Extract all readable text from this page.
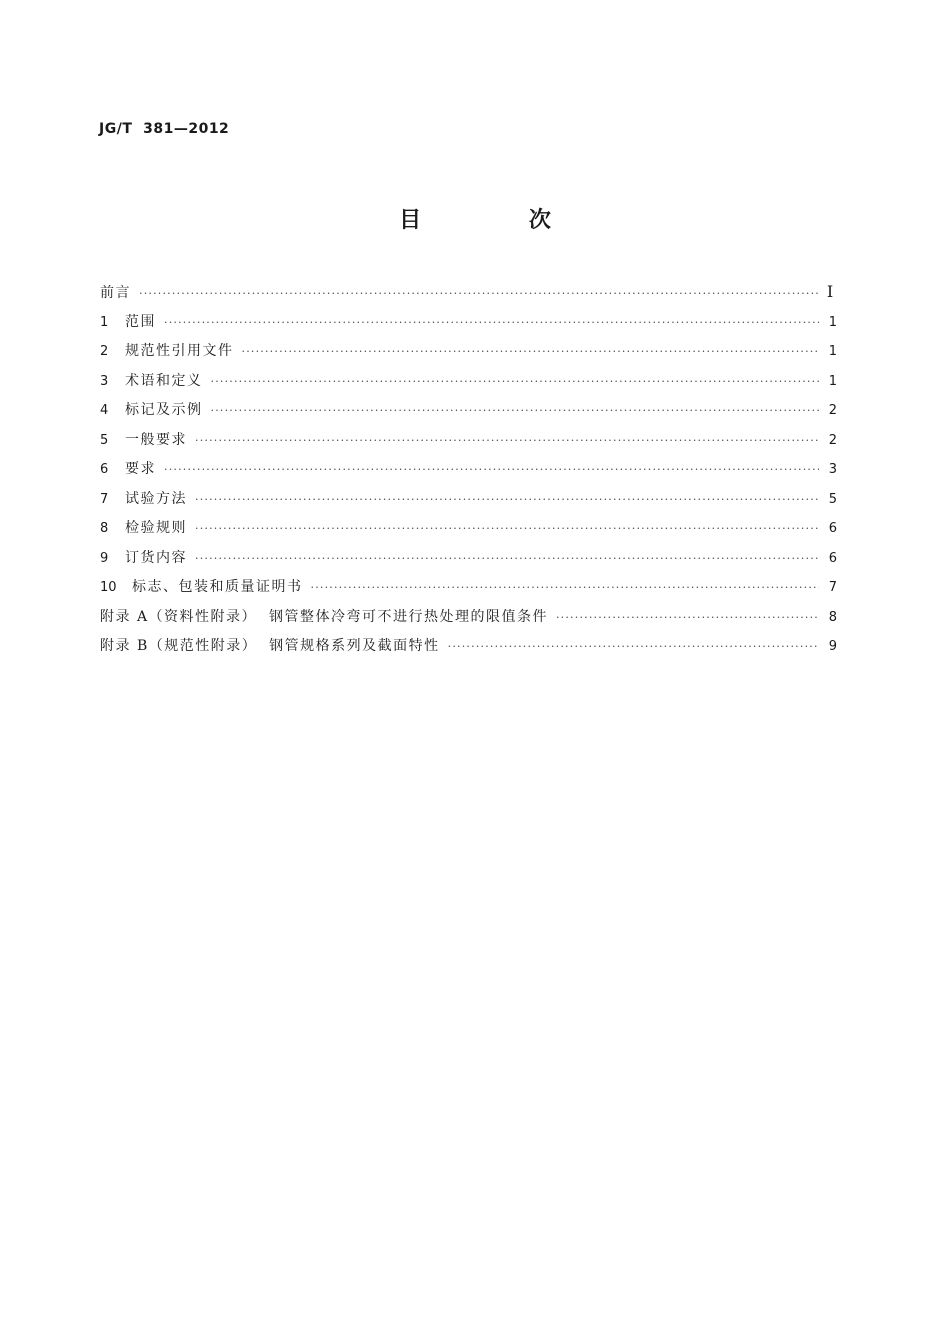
JG/T  381—2012
目 次
前言 ·····	Ⅰ
1	范围 ·····	1
2	规范性引用文件 ·····	1
3	术语和定义 ·····	1
4	标记及示例 ·····	2
5	一般要求 ·····	2
6	要求 ·····	3
7	试验方法 ·····	5
8	检验规则 ·····	6
9	订货内容 ·····	6
10	标志、包装和质量证明书 ·····	7
附录 A（资料性附录）  钢管整体冷弯可不进行热处理的限值条件 ·····	8
附录 B（规范性附录）  钢管规格系列及截面特性 ·····	9
